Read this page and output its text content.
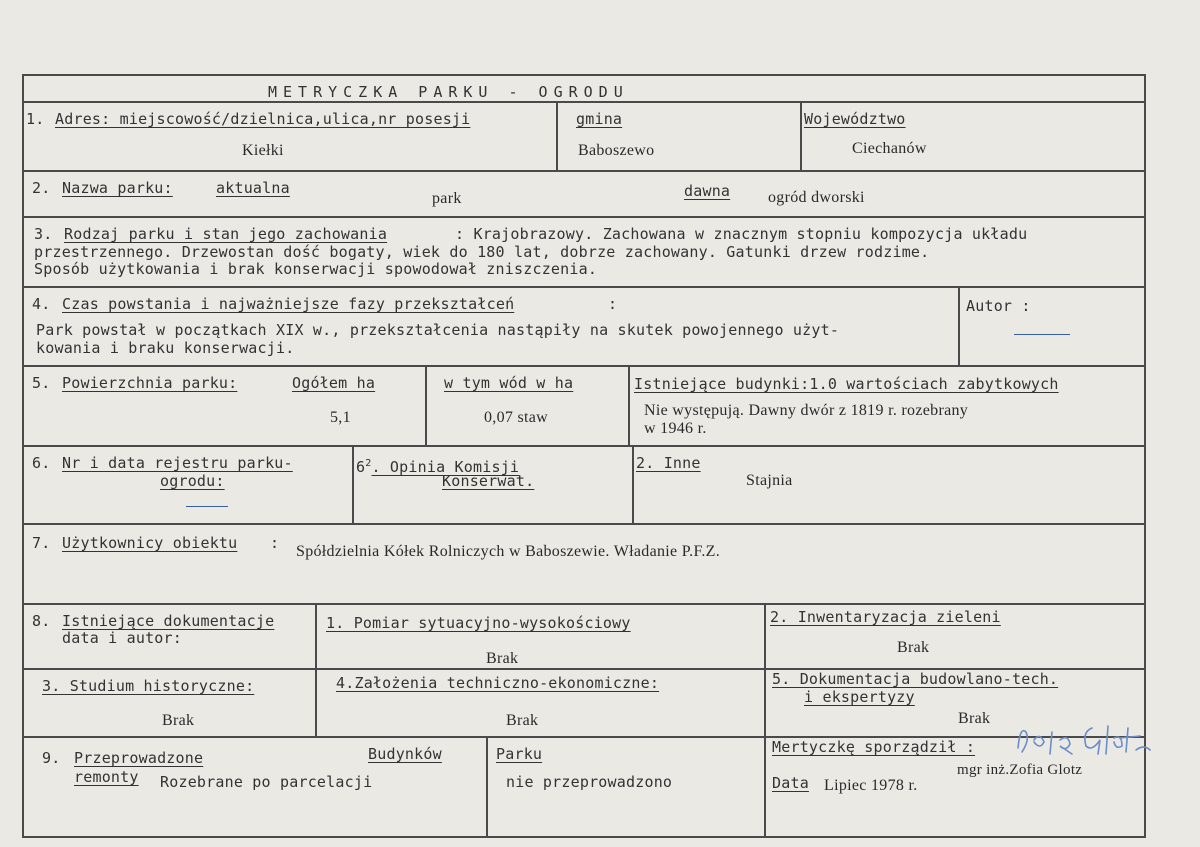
METRYCZKA PARKU - OGRODU
1. Adres: miejscowość/dzielnica,ulica,nr posesji
Kiełki
gmina
Baboszewo
Województwo
Ciechanów
2. Nazwa parku:	aktualna
park	dawna ogród dworski
3. Rodzaj parku i stan jego zachowania	: Krajobrazowy. Zachowana w znacznym stopniu kompozycja układu
przestrzennego. Drzewostan dość bogaty, wiek do 180 lat, dobrze zachowany. Gatunki drzew rodzime.
Sposób użytkowania i brak konserwacji spowodował zniszczenia.
4. Czas powstania i najważniejsze fazy przekształceń	:
Park powstał w początkach XIX w., przekształcenia nastąpiły na skutek powojennego użyt-
kowania i braku konserwacji.
Autor :
5. Powierzchnia parku:	Ogółem ha
5,1
w tym wód w ha
0,07 staw
Istniejące budynki:1.0 wartościach zabytkowych
Nie występują. Dawny dwór z 1819 r. rozebrany
w 1946 r.
6. Nr i data rejestru parku-
ogrodu:
$6^2$. Opinia Komisji
Konserwat.
2. Inne
Stajnia
7. Użytkownicy obiektu : Spółdzielnia Kółek Rolniczych w Baboszewie. Władanie P.F.Z.
8. Istniejące dokumentacje
data i autor:
1. Pomiar sytuacyjno-wysokościowy
Brak
2. Inwentaryzacja zieleni
Brak
3. Studium historyczne:
Brak
4.Założenia techniczno-ekonomiczne:
Brak
5. Dokumentacja budowlano-tech.
i ekspertyzy
Brak
9. Przeprowadzone
remonty
Budynków
Rozebrane po parcelacji
Parku
nie przeprowadzono
Mertyczkę sporządził :
mgr inż.Zofia Glotz
Data Lipiec 1978 r.
